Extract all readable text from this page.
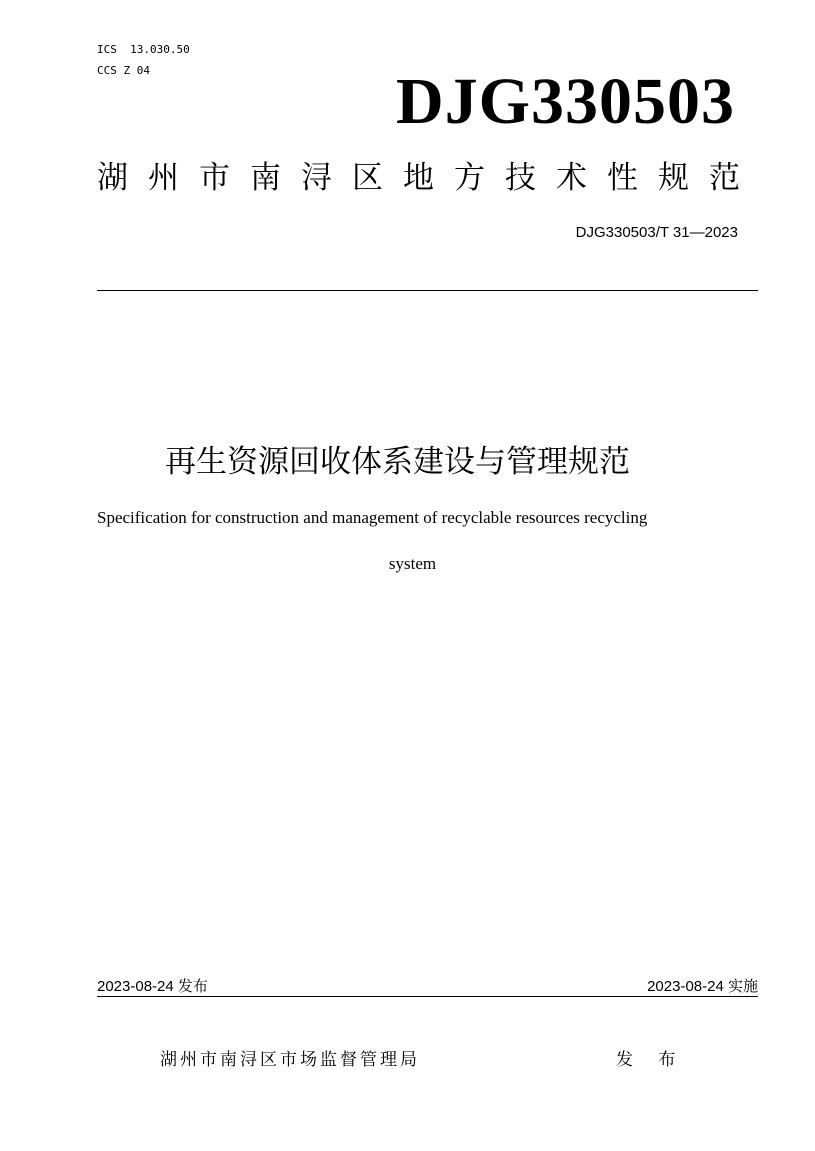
ICS  13.030.50
CCS Z 04	DJG330503
湖州市南浔区地方技术性规范
DJG330503/T 31—2023
再生资源回收体系建设与管理规范
Specification for construction and management of recyclable resources recycling
system
2023-08-24 发布	2023-08-24 实施
湖州市南浔区市场监督管理局	发 布
